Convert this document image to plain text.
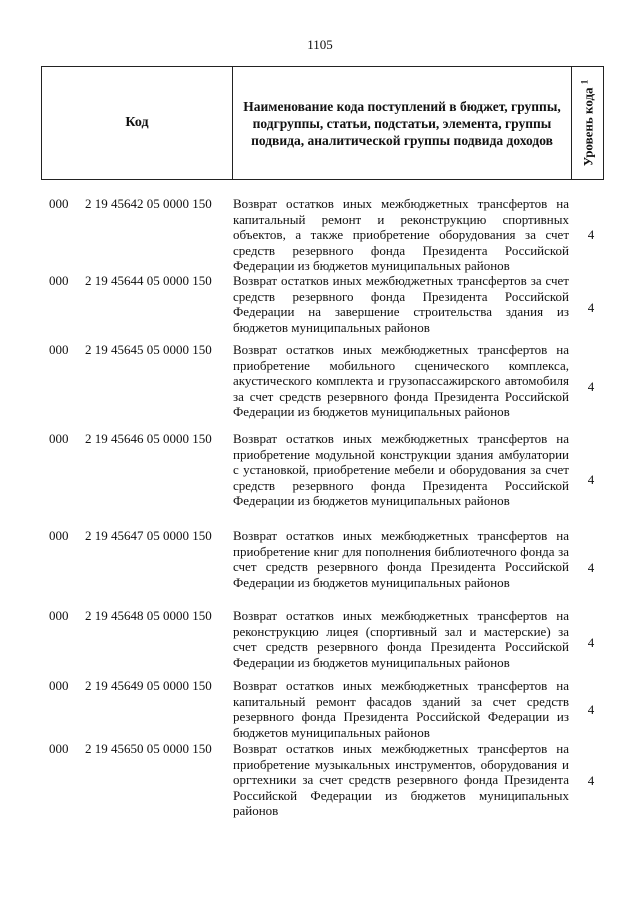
1105
Код
Наименование кода поступлений в бюджет, группы, подгруппы, статьи, подстатьи, элемента, группы подвида, аналитической группы подвида доходов	Уровень кода $^1$
000 2 19 45642 05 0000 150 Возврат остатков иных межбюджетных трансфертов на капитальный ремонт и реконструкцию спортивных объектов, а также приобретение оборудования за счет средств резервного фонда Президента Российской Федерации из бюджетов муниципальных районов
4
000 2 19 45644 05 0000 150 Возврат остатков иных межбюджетных трансфертов за счет средств резервного фонда Президента Российской Федерации на завершение строительства здания из бюджетов муниципальных районов
4
000 2 19 45645 05 0000 150 Возврат остатков иных межбюджетных трансфертов на приобретение мобильного сценического комплекса, акустического комплекта и грузопассажирского автомобиля за счет средств резервного фонда Президента Российской Федерации из бюджетов муниципальных районов
4
000 2 19 45646 05 0000 150 Возврат остатков иных межбюджетных трансфертов на приобретение модульной конструкции здания амбулатории с установкой, приобретение мебели и оборудования за счет средств резервного фонда Президента Российской Федерации из бюджетов муниципальных районов
4
000 2 19 45647 05 0000 150 Возврат остатков иных межбюджетных трансфертов на приобретение книг для пополнения библиотечного фонда за счет средств резервного фонда Президента Российской Федерации из бюджетов муниципальных районов
4
000 2 19 45648 05 0000 150 Возврат остатков иных межбюджетных трансфертов на реконструкцию лицея (спортивный зал и мастерские) за счет средств резервного фонда Президента Российской Федерации из бюджетов муниципальных районов
4
000 2 19 45649 05 0000 150 Возврат остатков иных межбюджетных трансфертов на капитальный ремонт фасадов зданий за счет средств резервного фонда Президента Российской Федерации из бюджетов муниципальных районов
4
000 2 19 45650 05 0000 150 Возврат остатков иных межбюджетных трансфертов на приобретение музыкальных инструментов, оборудования и оргтехники за счет средств резервного фонда Президента Российской Федерации из бюджетов муниципальных районов
4
